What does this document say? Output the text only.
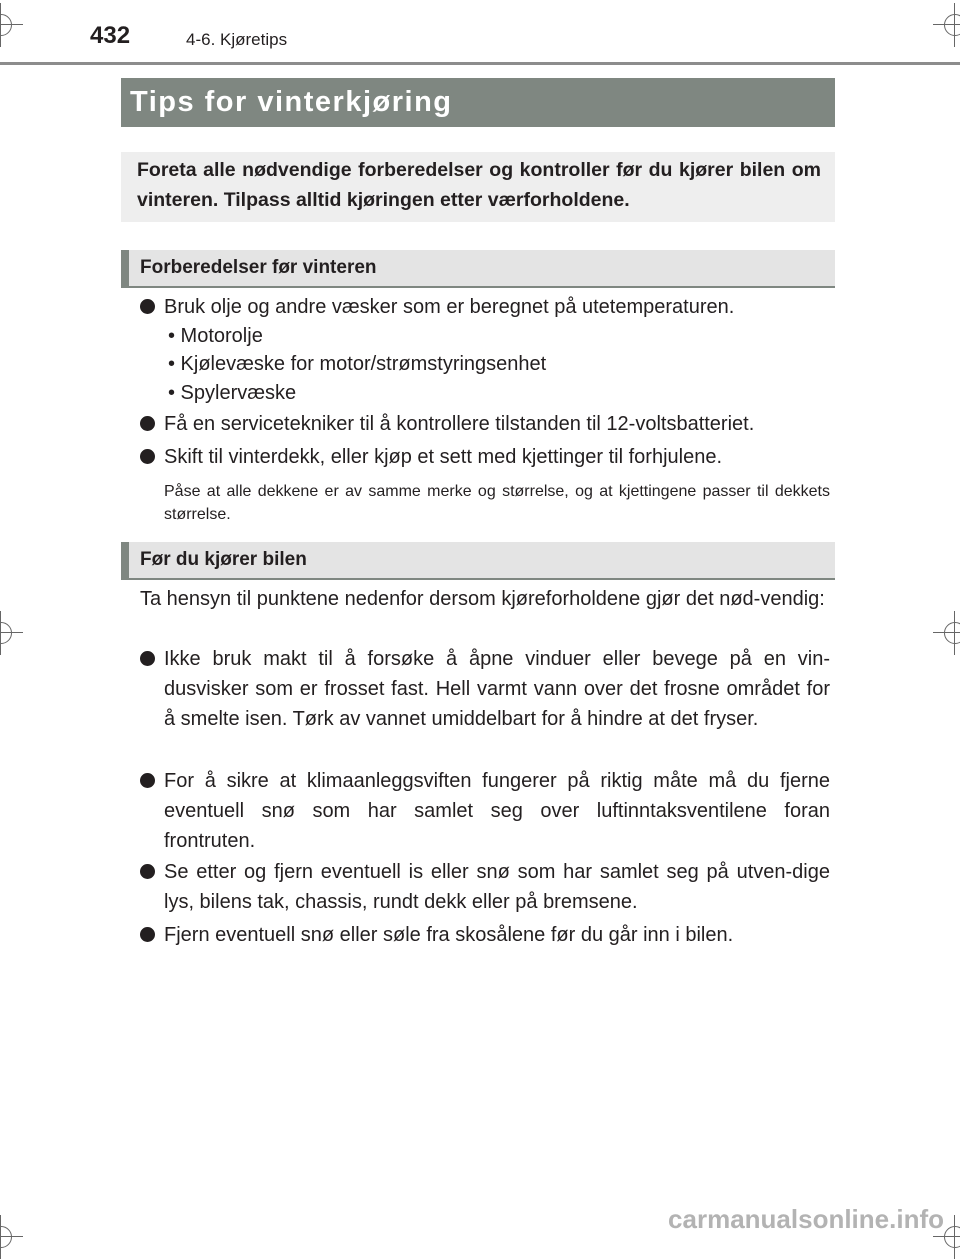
432	4-6. Kjøretips
Tips for vinterkjøring
Foreta alle nødvendige forberedelser og kontroller før du kjører bilen om vinteren. Tilpass alltid kjøringen etter værforholdene.
Forberedelser før vinteren
Bruk olje og andre væsker som er beregnet på utetemperaturen.
• Motorolje
• Kjølevæske for motor/strømstyringsenhet
• Spylervæske
Få en servicetekniker til å kontrollere tilstanden til 12-voltsbatteriet.
Skift til vinterdekk, eller kjøp et sett med kjettinger til forhjulene.
Påse at alle dekkene er av samme merke og størrelse, og at kjettingene passer til dekkets størrelse.
Før du kjører bilen
Ta hensyn til punktene nedenfor dersom kjøreforholdene gjør det nød-vendig:
Ikke bruk makt til å forsøke å åpne vinduer eller bevege på en vin-dusvisker som er frosset fast. Hell varmt vann over det frosne området for å smelte isen. Tørk av vannet umiddelbart for å hindre at det fryser.
For å sikre at klimaanleggsviften fungerer på riktig måte må du fjerne eventuell snø som har samlet seg over luftinntaksventilene foran frontruten.
Se etter og fjern eventuell is eller snø som har samlet seg på utven-dige lys, bilens tak, chassis, rundt dekk eller på bremsene.
Fjern eventuell snø eller søle fra skosålene før du går inn i bilen.
carmanualsonline.info
